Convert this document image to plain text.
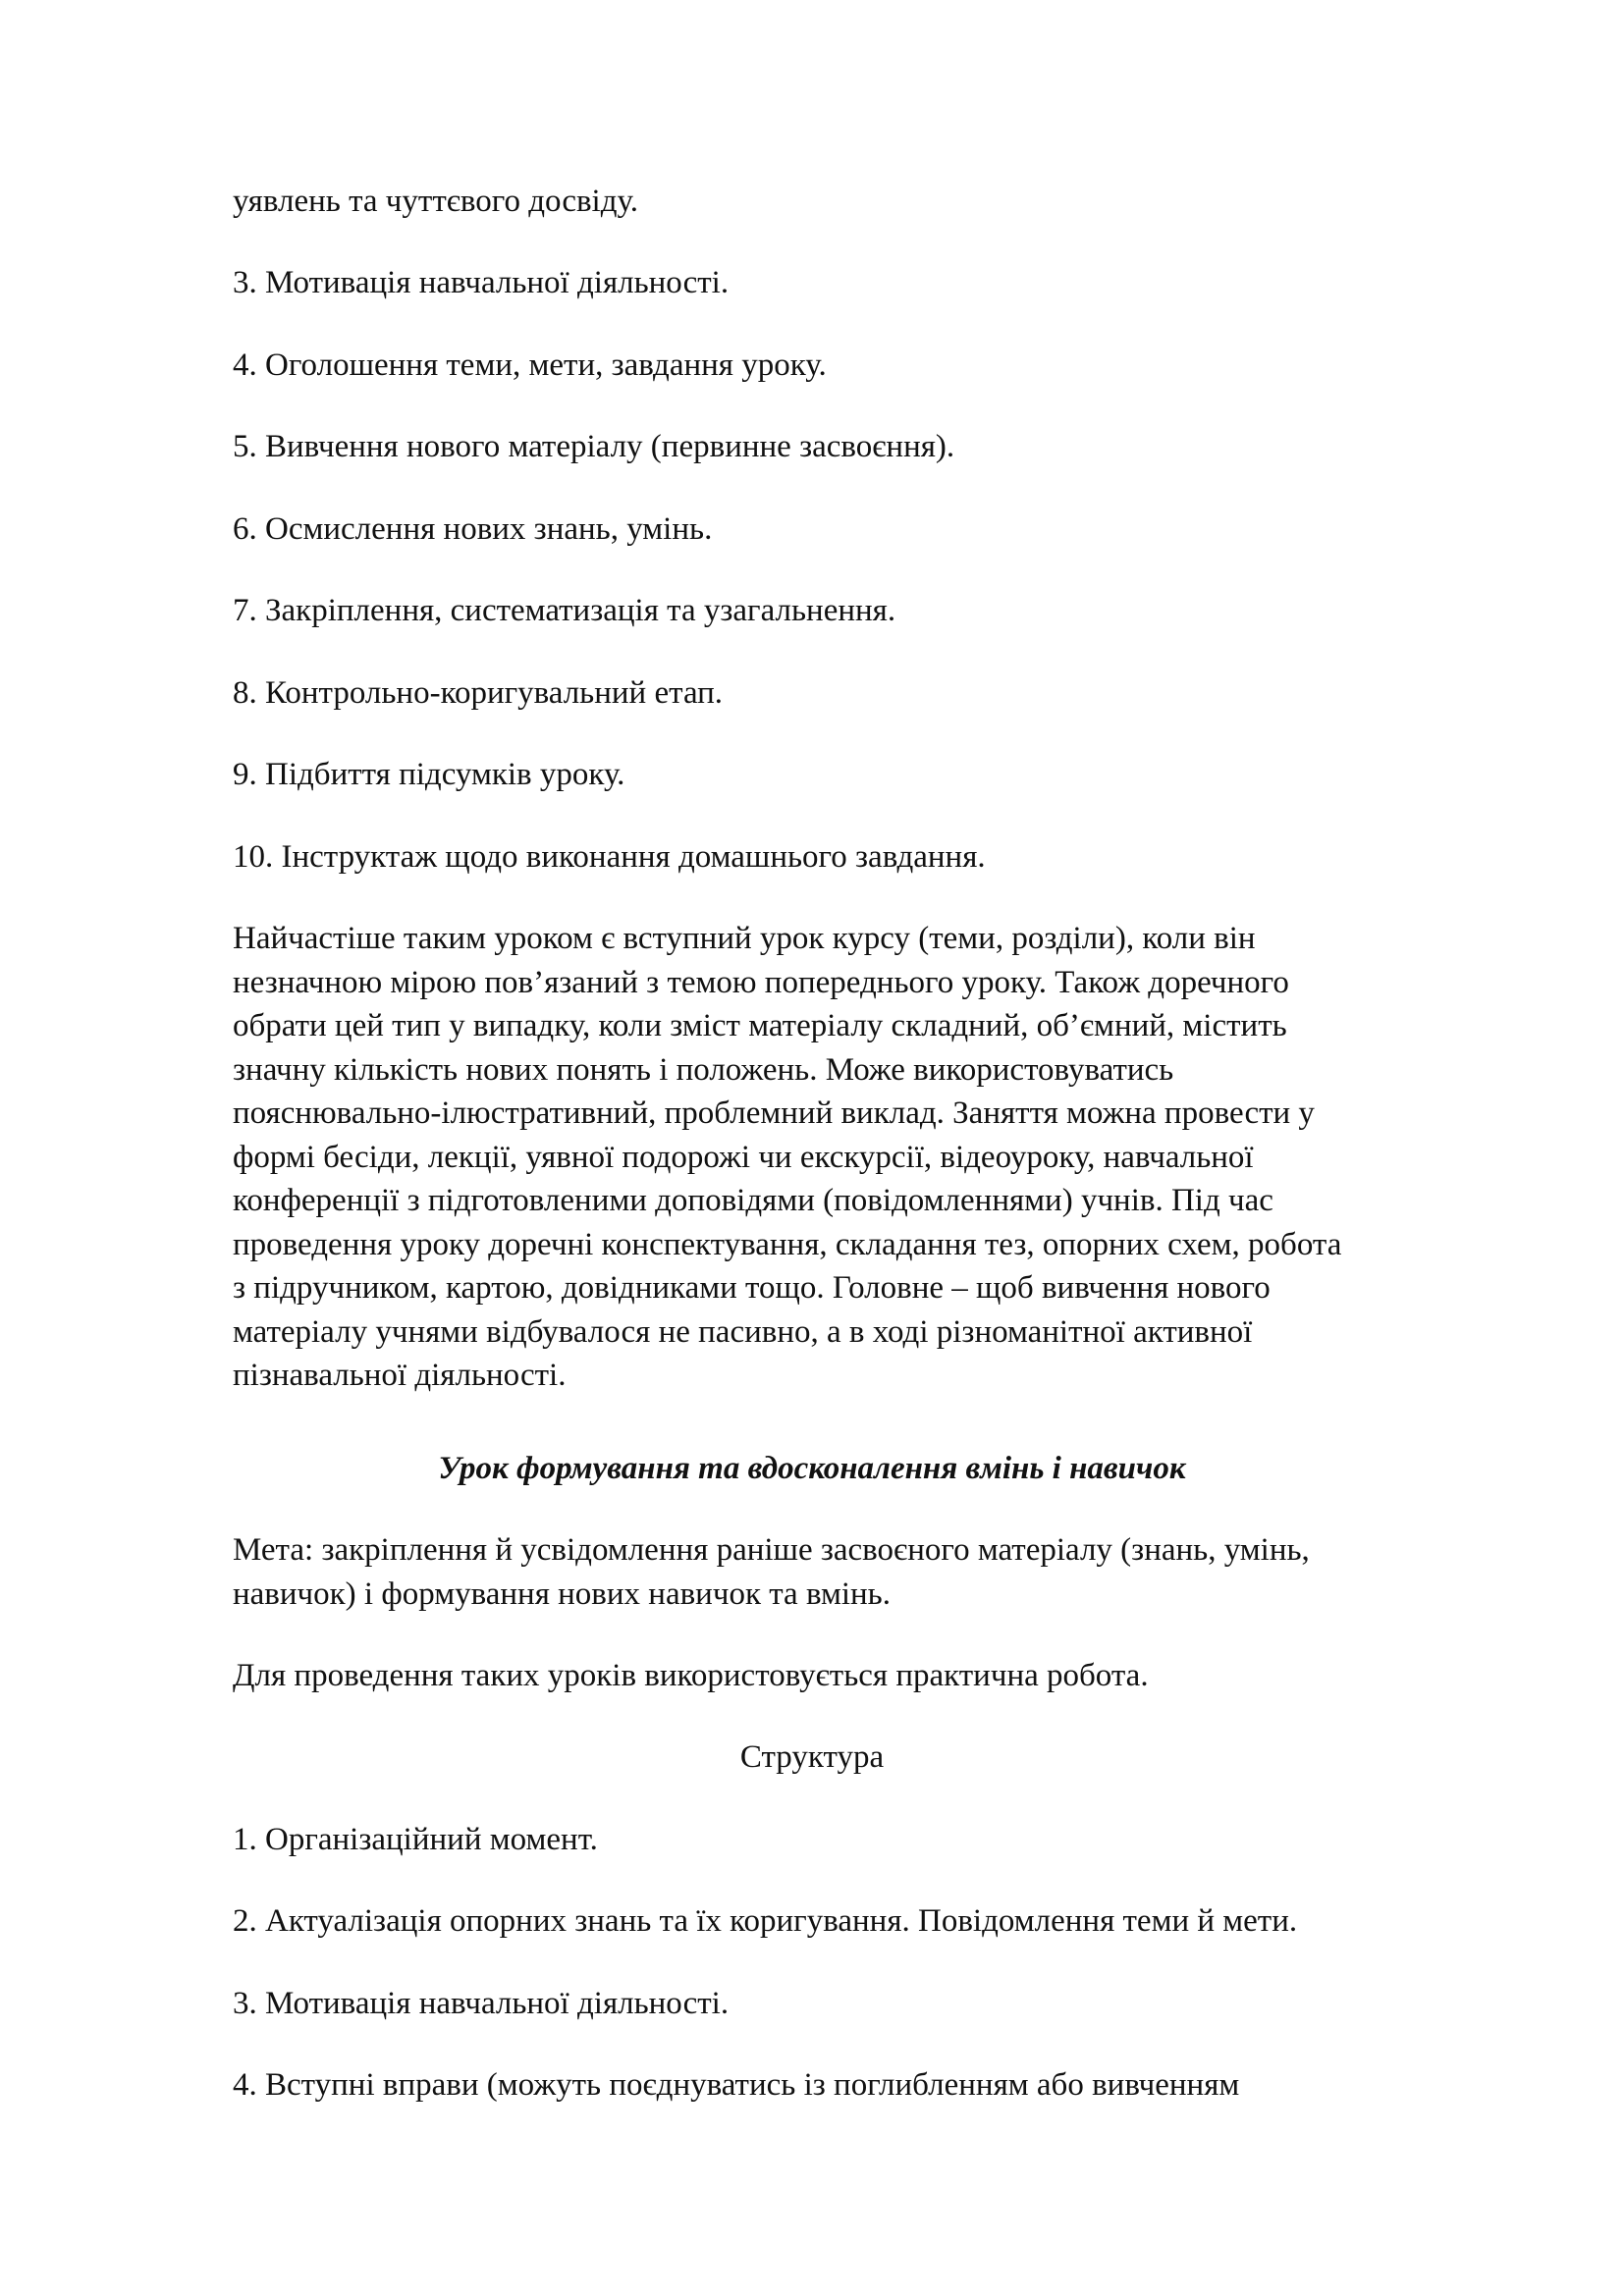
уявлень та чуттєвого досвіду.

3. Мотивація навчальної діяльності.

4. Оголошення теми, мети, завдання уроку.

5. Вивчення нового матеріалу (первинне засвоєння).

6. Осмислення нових знань, умінь.

7. Закріплення, систематизація та узагальнення.

8. Контрольно-коригувальний етап.

9. Підбиття підсумків уроку.

10. Інструктаж щодо виконання домашнього завдання.

Найчастіше таким уроком є вступний урок курсу (теми, розділи), коли він
незначною мірою пов’язаний з темою попереднього уроку. Також доречного
обрати цей тип у випадку, коли зміст матеріалу складний, об’ємний, містить
значну кількість нових понять і положень. Може використовуватись
пояснювально-ілюстративний, проблемний виклад. Заняття можна провести у
формі бесіди, лекції, уявної подорожі чи екскурсії, відеоуроку, навчальної
конференції з підготовленими доповідями (повідомленнями) учнів. Під час
проведення уроку доречні конспектування, складання тез, опорних схем, робота
з підручником, картою, довідниками тощо. Головне – щоб вивчення нового
матеріалу учнями відбувалося не пасивно, а в ході різноманітної активної
пізнавальної діяльності.

Урок формування та вдосконалення вмінь і навичок

Мета: закріплення й усвідомлення раніше засвоєного матеріалу (знань, умінь,
навичок) і формування нових навичок та вмінь.

Для проведення таких уроків використовується практична робота.

Структура

1. Організаційний момент.

2. Актуалізація опорних знань та їх коригування. Повідомлення теми й мети.

3. Мотивація навчальної діяльності.

4. Вступні вправи (можуть поєднуватись із поглибленням або вивченням
